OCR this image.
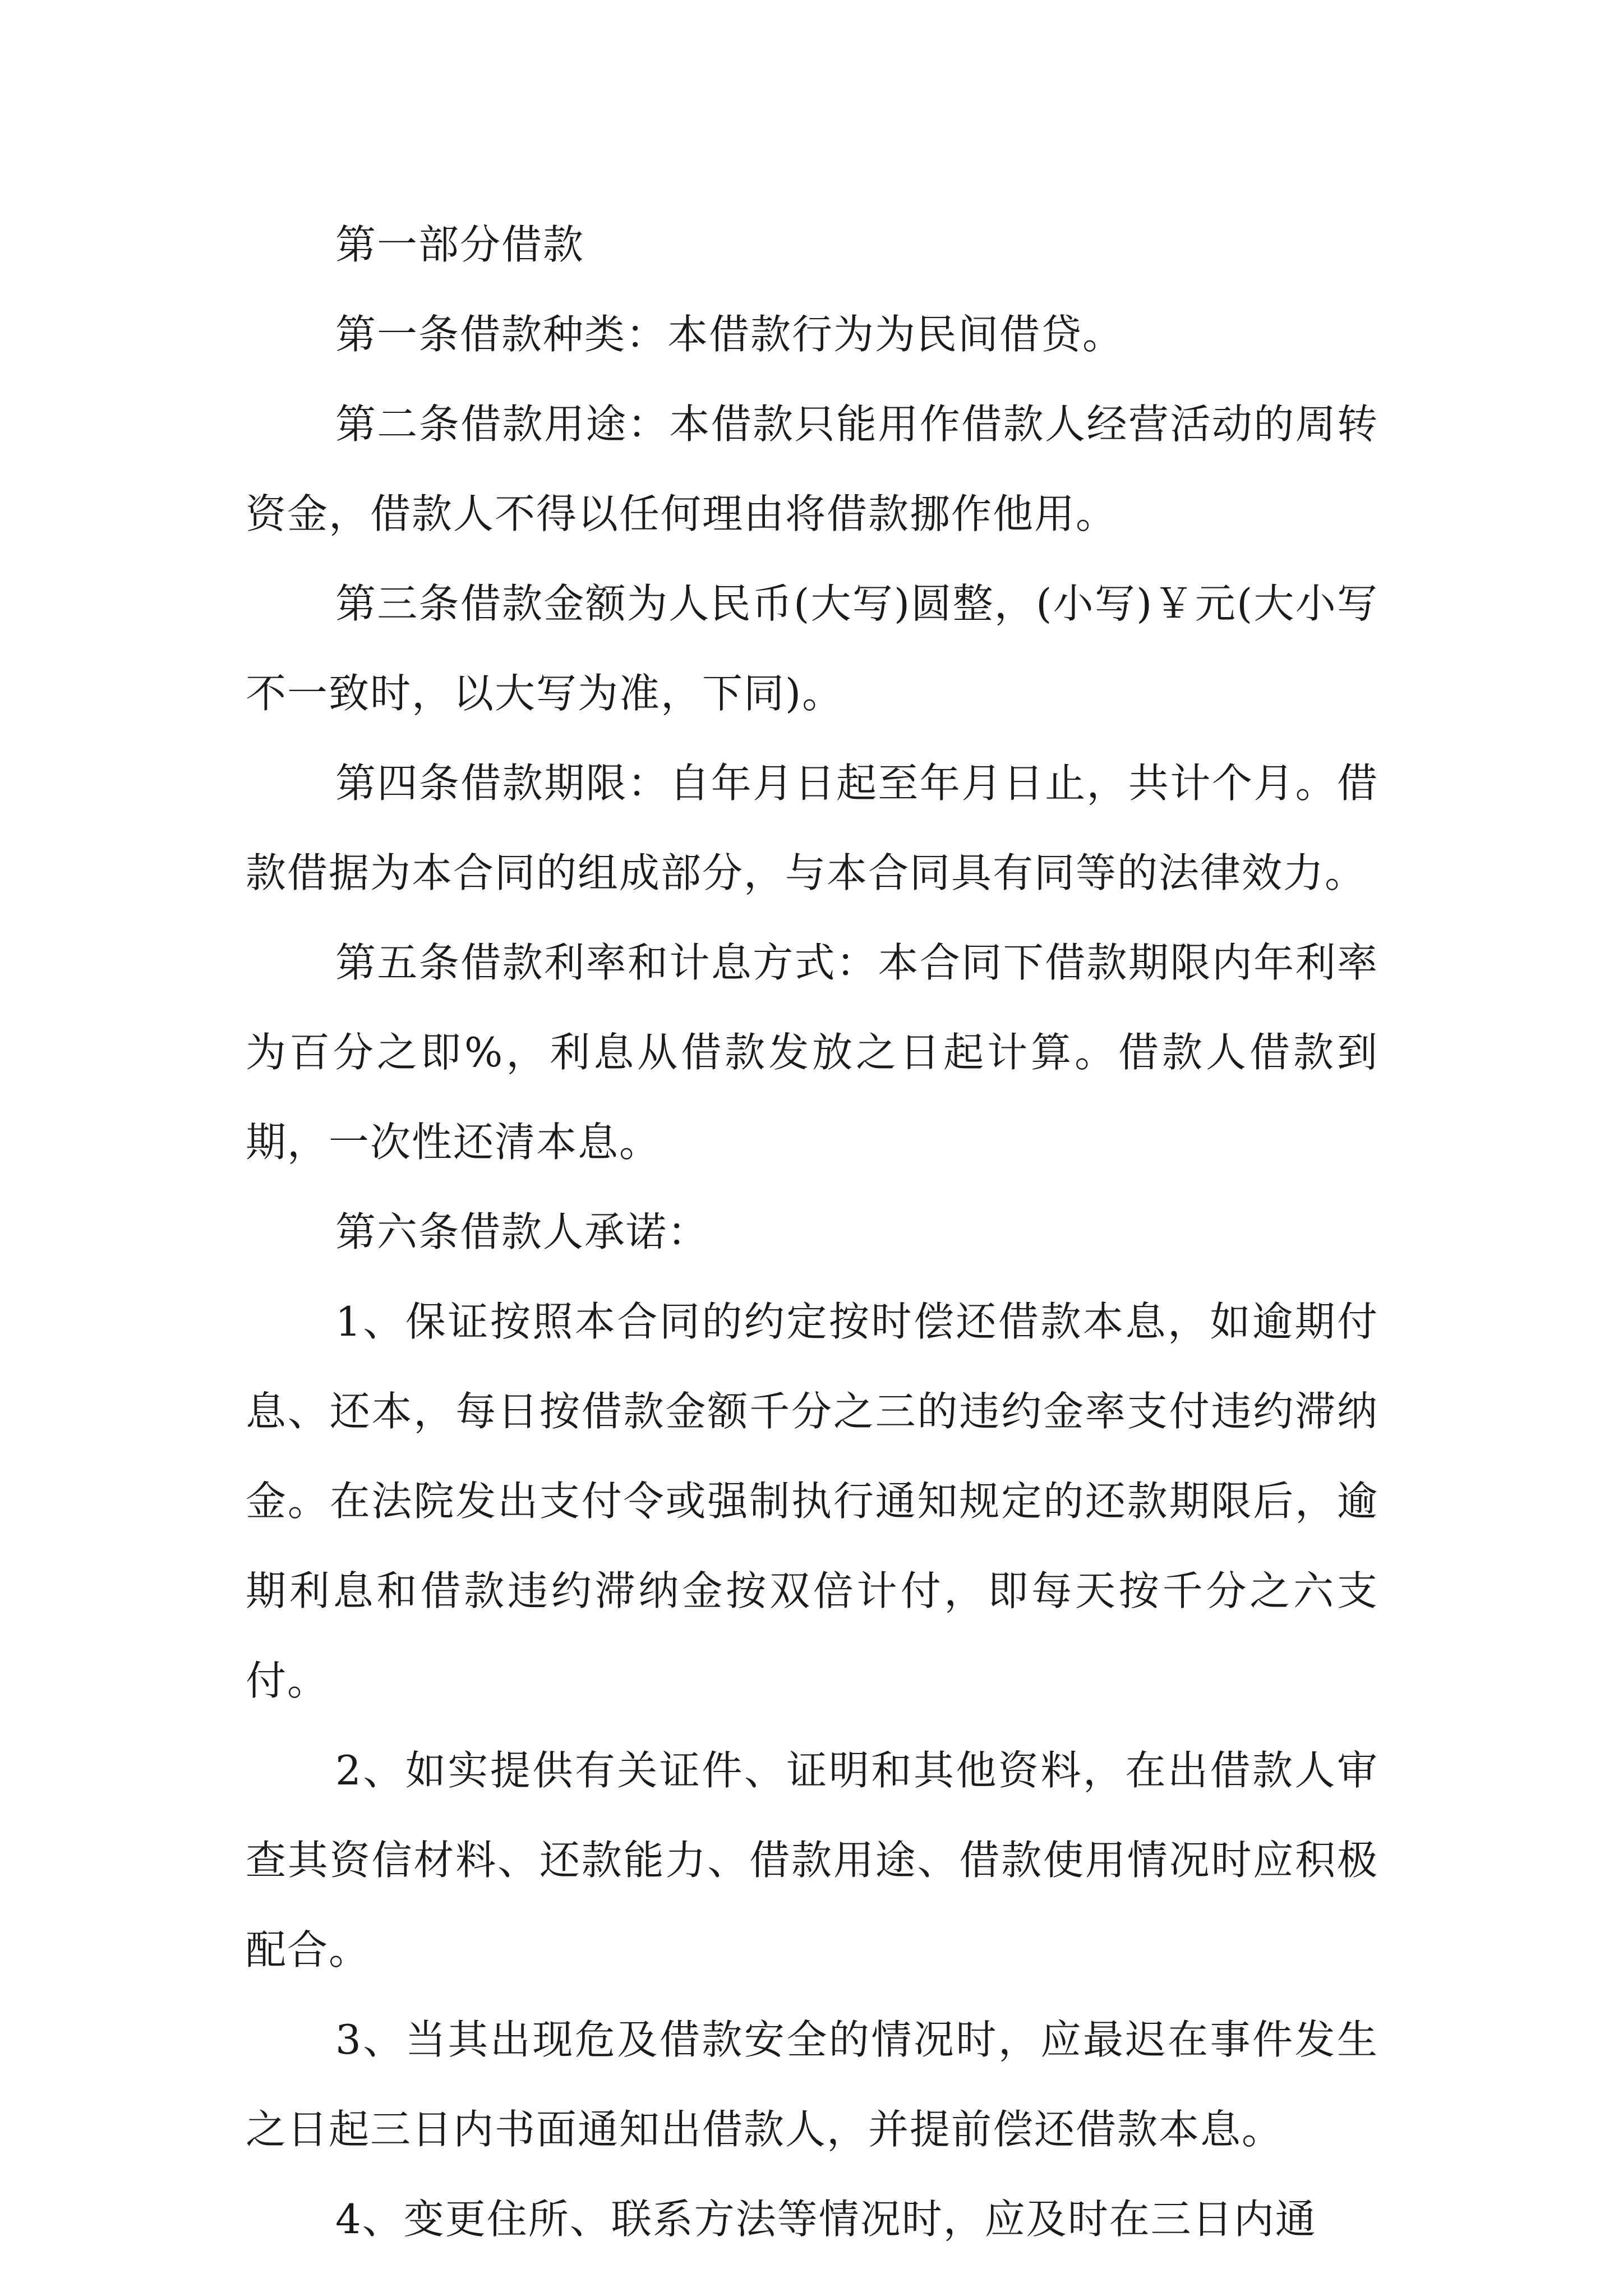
第一部分借款

第一条借款种类：本借款行为为民间借贷。

第二条借款用途：本借款只能用作借款人经营活动的周转资金，借款人不得以任何理由将借款挪作他用。

第三条借款金额为人民币(大写)圆整，(小写)￥元(大小写不一致时，以大写为准，下同)。

第四条借款期限：自年月日起至年月日止，共计个月。借款借据为本合同的组成部分，与本合同具有同等的法律效力。

第五条借款利率和计息方式：本合同下借款期限内年利率为百分之即%，利息从借款发放之日起计算。借款人借款到期，一次性还清本息。

第六条借款人承诺：

1、保证按照本合同的约定按时偿还借款本息，如逾期付息、还本，每日按借款金额千分之三的违约金率支付违约滞纳金。在法院发出支付令或强制执行通知规定的还款期限后，逾期利息和借款违约滞纳金按双倍计付，即每天按千分之六支付。

2、如实提供有关证件、证明和其他资料，在出借款人审查其资信材料、还款能力、借款用途、借款使用情况时应积极配合。

3、当其出现危及借款安全的情况时，应最迟在事件发生之日起三日内书面通知出借款人，并提前偿还借款本息。

4、变更住所、联系方法等情况时，应及时在三日内通
